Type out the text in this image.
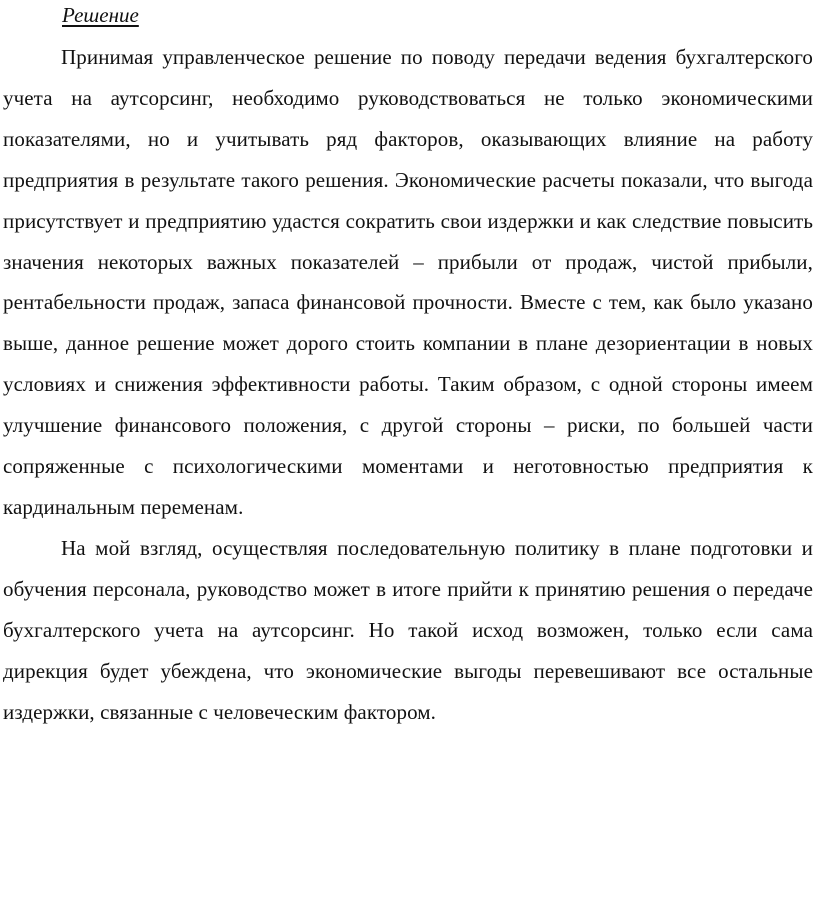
Решение

Принимая управленческое решение по поводу передачи ведения бухгалтерского учета на аутсорсинг, необходимо руководствоваться не только экономическими показателями, но и учитывать ряд факторов, оказывающих влияние на работу предприятия в результате такого решения. Экономические расчеты показали, что выгода присутствует и предприятию удастся сократить свои издержки и как следствие повысить значения некоторых важных показателей – прибыли от продаж, чистой прибыли, рентабельности продаж, запаса финансовой прочности. Вместе с тем, как было указано выше, данное решение может дорого стоить компании в плане дезориентации в новых условиях и снижения эффективности работы. Таким образом, с одной стороны имеем улучшение финансового положения, с другой стороны – риски, по большей части сопряженные с психологическими моментами и неготовностью предприятия к кардинальным переменам.

На мой взгляд, осуществляя последовательную политику в плане подготовки и обучения персонала, руководство может в итоге прийти к принятию решения о передаче бухгалтерского учета на аутсорсинг. Но такой исход возможен, только если сама дирекция будет убеждена, что экономические выгоды перевешивают все остальные издержки, связанные с человеческим фактором.
